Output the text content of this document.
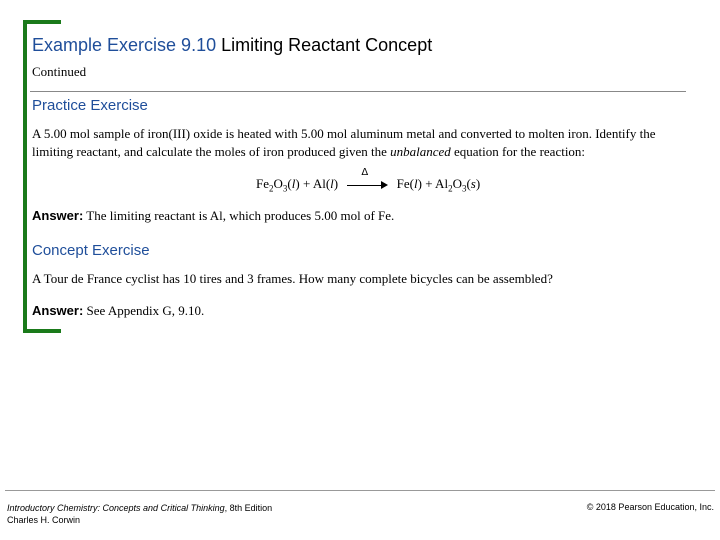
Example Exercise 9.10 Limiting Reactant Concept
Continued
Practice Exercise
A 5.00 mol sample of iron(III) oxide is heated with 5.00 mol aluminum metal and converted to molten iron. Identify the limiting reactant, and calculate the moles of iron produced given the unbalanced equation for the reaction:
$Fe_2O_3(l) + Al(l)$
Δ
$Fe(l) + Al_2O_3(s)$
Answer: The limiting reactant is Al, which produces 5.00 mol of Fe.
Concept Exercise
A Tour de France cyclist has 10 tires and 3 frames. How many complete bicycles can be assembled?
Answer: See Appendix G, 9.10.
Introductory Chemistry: Concepts and Critical Thinking, 8th Edition
Charles H. Corwin
© 2018 Pearson Education, Inc.
